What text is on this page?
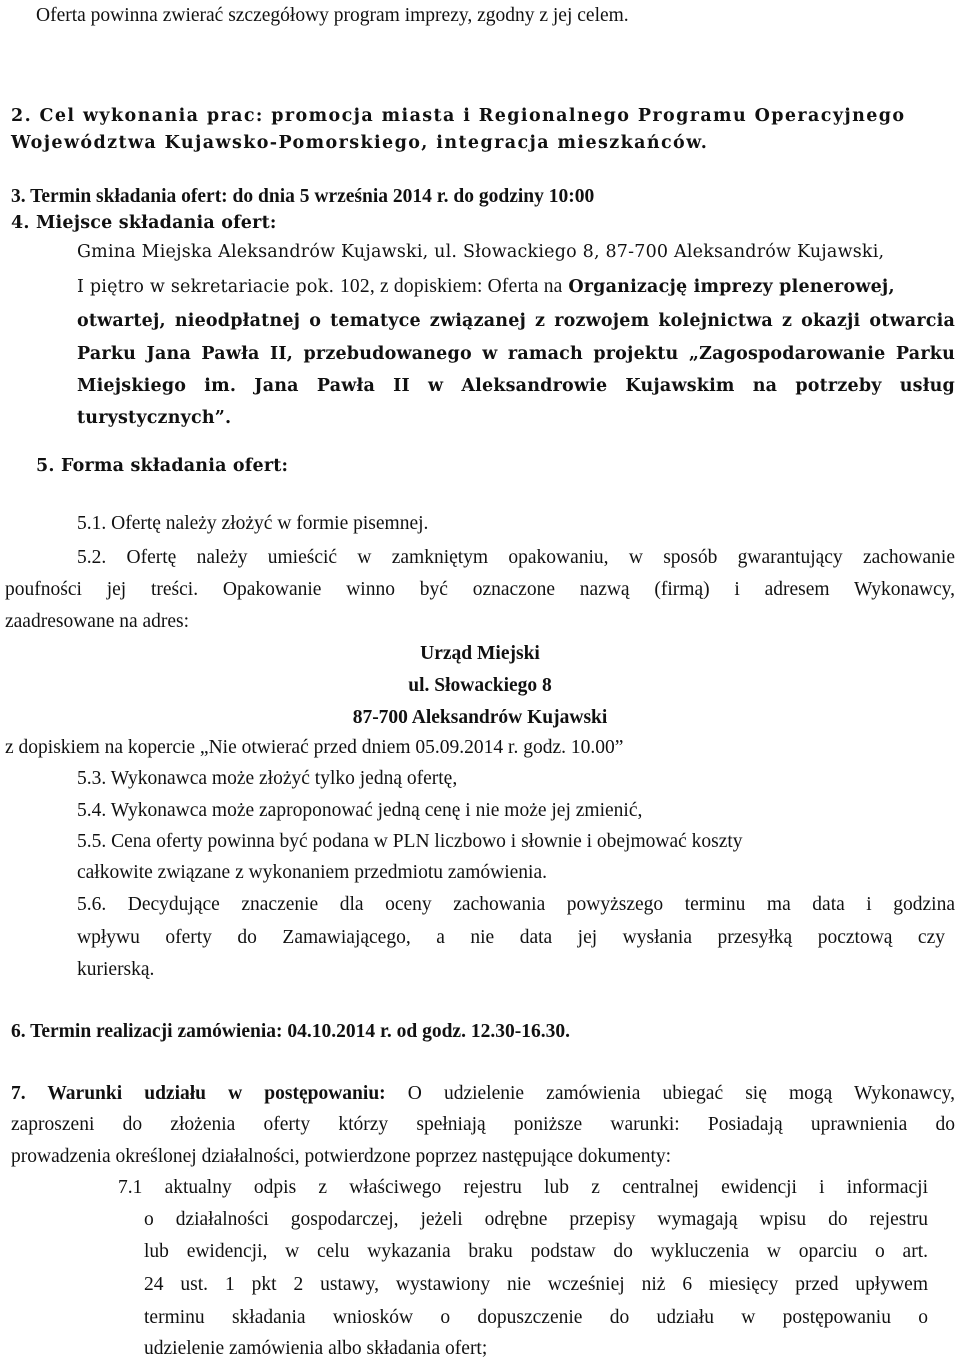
Oferta powinna zwierać szczegółowy program imprezy, zgodny z jej celem.
2. Cel wykonania prac: promocja miasta i Regionalnego Programu Operacyjnego
Województwa Kujawsko-Pomorskiego, integracja mieszkańców.
3. Termin składania ofert: do dnia 5 września 2014 r. do godziny 10:00
4. Miejsce składania ofert:
Gmina Miejska Aleksandrów Kujawski, ul. Słowackiego 8, 87-700 Aleksandrów Kujawski,
I piętro w sekretariacie pok. 102, z dopiskiem: Oferta na Organizację imprezy plenerowej,
otwartej, nieodpłatnej o tematyce związanej z rozwojem kolejnictwa z okazji otwarcia
Parku Jana Pawła II, przebudowanego w ramach projektu „Zagospodarowanie Parku
Miejskiego im. Jana Pawła II w Aleksandrowie Kujawskim na potrzeby usług
turystycznych”.
5. Forma składania ofert:
5.1. Ofertę należy złożyć w formie pisemnej.
5.2. Ofertę należy umieścić w zamkniętym opakowaniu, w sposób gwarantujący zachowanie
poufności jej treści. Opakowanie winno być oznaczone nazwą (firmą) i adresem Wykonawcy,
zaadresowane na adres:
Urząd Miejski
ul. Słowackiego 8
87-700 Aleksandrów Kujawski
z dopiskiem na kopercie „Nie otwierać przed dniem 05.09.2014 r. godz. 10.00”
5.3. Wykonawca może złożyć tylko jedną ofertę,
5.4. Wykonawca może zaproponować jedną cenę i nie może jej zmienić,
5.5. Cena oferty powinna być podana w PLN liczbowo i słownie i obejmować koszty
całkowite związane z wykonaniem przedmiotu zamówienia.
5.6. Decydujące znaczenie dla oceny zachowania powyższego terminu ma data i godzina
wpływu oferty do Zamawiającego, a nie data jej wysłania przesyłką pocztową czy
kurierską.
6. Termin realizacji zamówienia: 04.10.2014 r. od godz. 12.30-16.30.
7. Warunki udziału w postępowaniu: O udzielenie zamówienia ubiegać się mogą Wykonawcy,
zaproszeni do złożenia oferty którzy spełniają poniższe warunki: Posiadają uprawnienia do
prowadzenia określonej działalności, potwierdzone poprzez następujące dokumenty:
7.1 aktualny odpis z właściwego rejestru lub z centralnej ewidencji i informacji
o działalności gospodarczej, jeżeli odrębne przepisy wymagają wpisu do rejestru
lub ewidencji, w celu wykazania braku podstaw do wykluczenia w oparciu o art.
24 ust. 1 pkt 2 ustawy, wystawiony nie wcześniej niż 6 miesięcy przed upływem
terminu składania wniosków o dopuszczenie do udziału w postępowaniu o
udzielenie zamówienia albo składania ofert;
